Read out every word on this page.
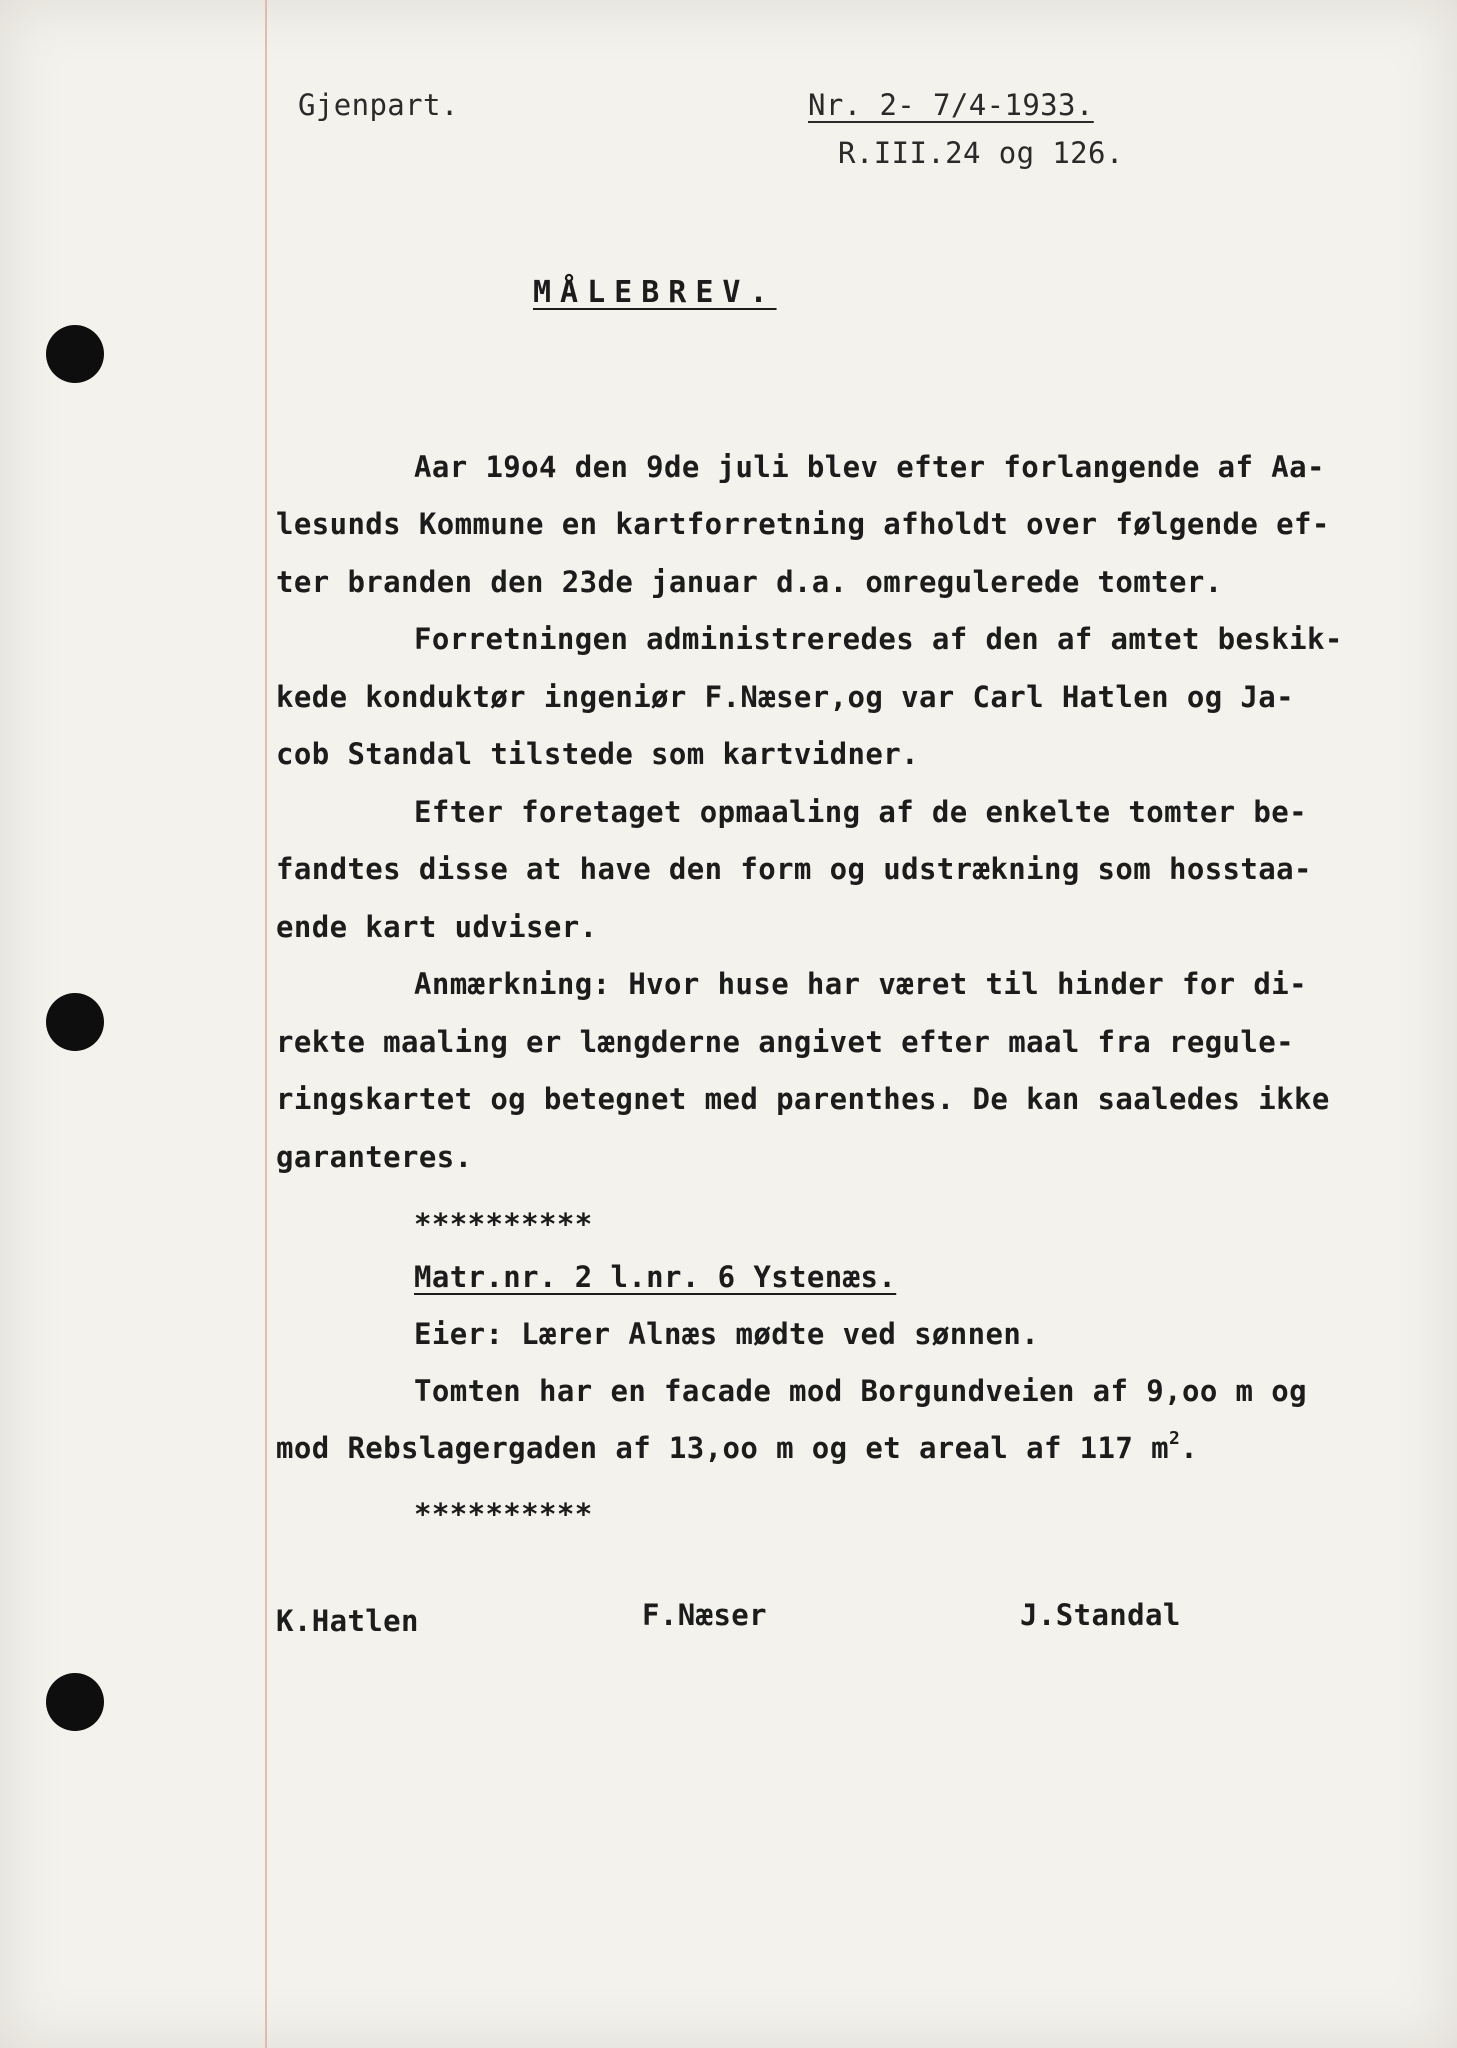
Gjenpart.	Nr. 2- 7/4-1933.

R.III.24 og 126.

MÅLEBREV.

Aar 19o4 den 9de juli blev efter forlangende af Aa-

lesunds Kommune en kartforretning afholdt over følgende ef-

ter branden den 23de januar d.a. omregulerede tomter.

Forretningen administreredes af den af amtet beskik-

kede konduktør ingeniør F.Næser,og var Carl Hatlen og Ja-

cob Standal tilstede som kartvidner.

Efter foretaget opmaaling af de enkelte tomter be-

fandtes disse at have den form og udstrækning som hosstaa-

ende kart udviser.

Anmærkning: Hvor huse har været til hinder for di-

rekte maaling er længderne angivet efter maal fra regule-

ringskartet og betegnet med parenthes. De kan saaledes ikke

garanteres.

**********

Matr.nr. 2 l.nr. 6 Ystenæs.

Eier: Lærer Alnæs mødte ved sønnen.

Tomten har en facade mod Borgundveien af 9,oo m og

mod Rebslagergaden af 13,oo m og et areal af 117 $m^2$.

**********

K.Hatlen	F.Næser	J.Standal
